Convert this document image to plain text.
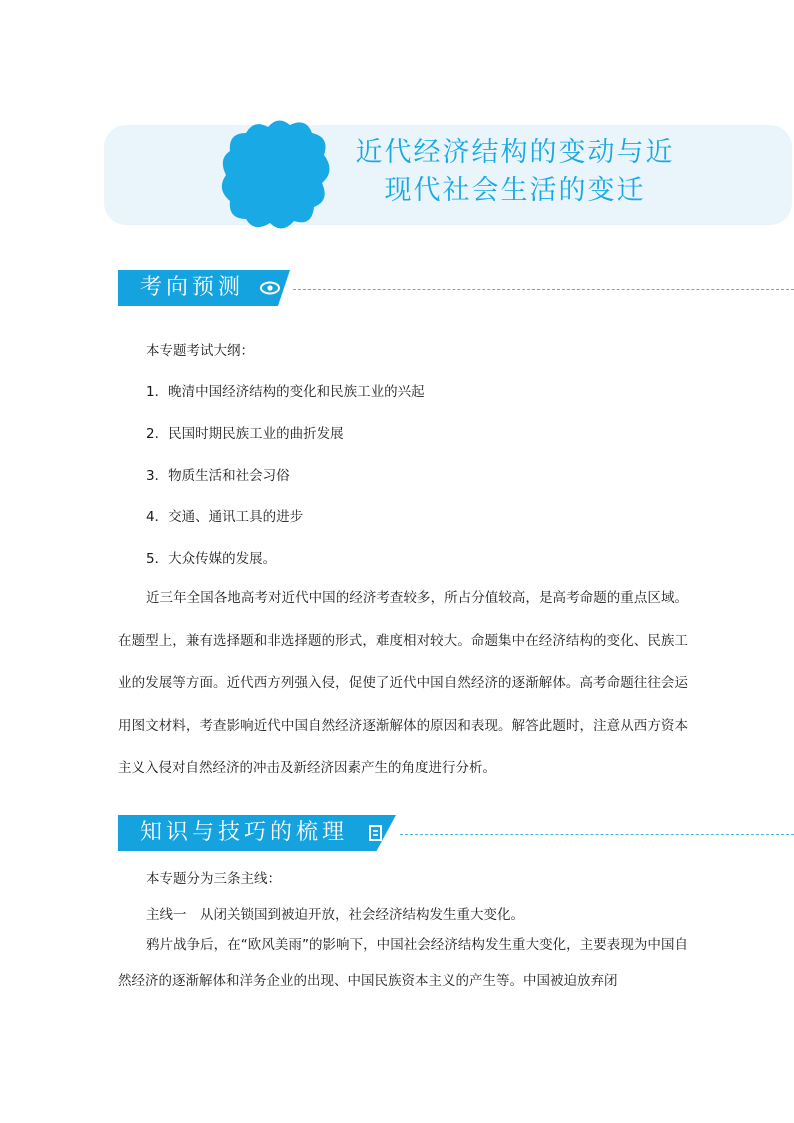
近代经济结构的变动与近
现代社会生活的变迁
考向预测
本专题考试大纲：
1．晚清中国经济结构的变化和民族工业的兴起
2．民国时期民族工业的曲折发展
3．物质生活和社会习俗
4．交通、通讯工具的进步
5．大众传媒的发展。

近三年全国各地高考对近代中国的经济考查较多，所占分值较高，是高考命题的重点区域。在题型上，兼有选择题和非选择题的形式，难度相对较大。命题集中在经济结构的变化、民族工业的发展等方面。近代西方列强入侵，促使了近代中国自然经济的逐渐解体。高考命题往往会运用图文材料，考查影响近代中国自然经济逐渐解体的原因和表现。解答此题时，注意从西方资本主义入侵对自然经济的冲击及新经济因素产生的角度进行分析。

知识与技巧的梳理
本专题分为三条主线：
主线一　从闭关锁国到被迫开放，社会经济结构发生重大变化。

鸦片战争后，在“欧风美雨”的影响下，中国社会经济结构发生重大变化，主要表现为中国自然经济的逐渐解体和洋务企业的出现、中国民族资本主义的产生等。中国被迫放弃闭
